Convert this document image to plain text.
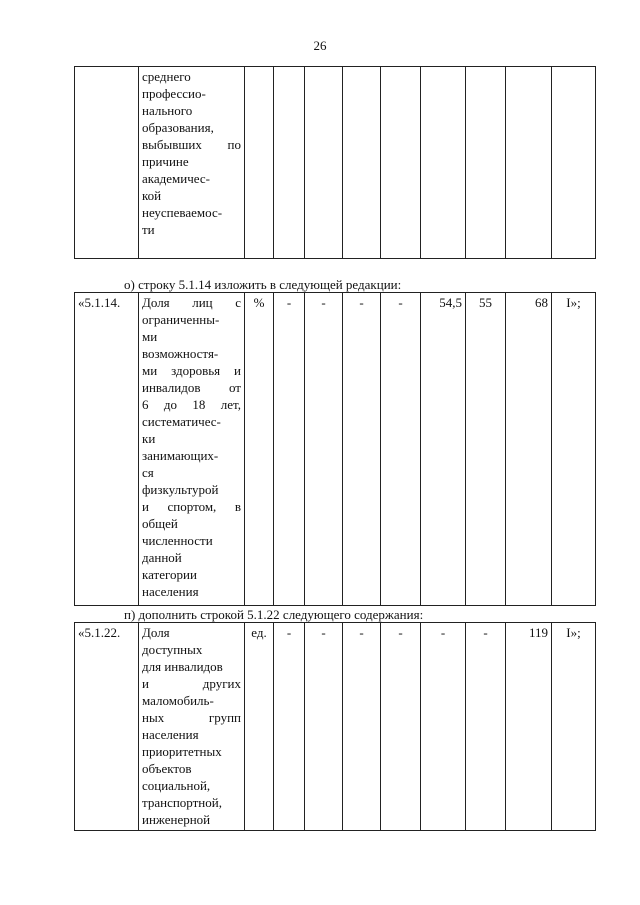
26

среднего
профессио-
нального
образования,
выбывших по
причине
академичес-
кой
неуспеваемос-
ти

о) строку 5.1.14 изложить в следующей редакции:
«5.1.14.	Доля лиц с
ограниченны-
ми
возможностя-
ми здоровья и
инвалидов от
6 до 18 лет,
систематичес-
ки
занимающих-
ся
физкультурой
и спортом, в
общей
численности
данной
категории
населения
	%	-	-	-	-	54,5	55	68	I»;
п) дополнить строкой 5.1.22 следующего содержания:
«5.1.22.	Доля
доступных
для инвалидов
и других
маломобиль-
ных групп
населения
приоритетных
объектов
социальной,
транспортной,
инженерной
	ед.	-	-	-	-	-	-	119	I»;
